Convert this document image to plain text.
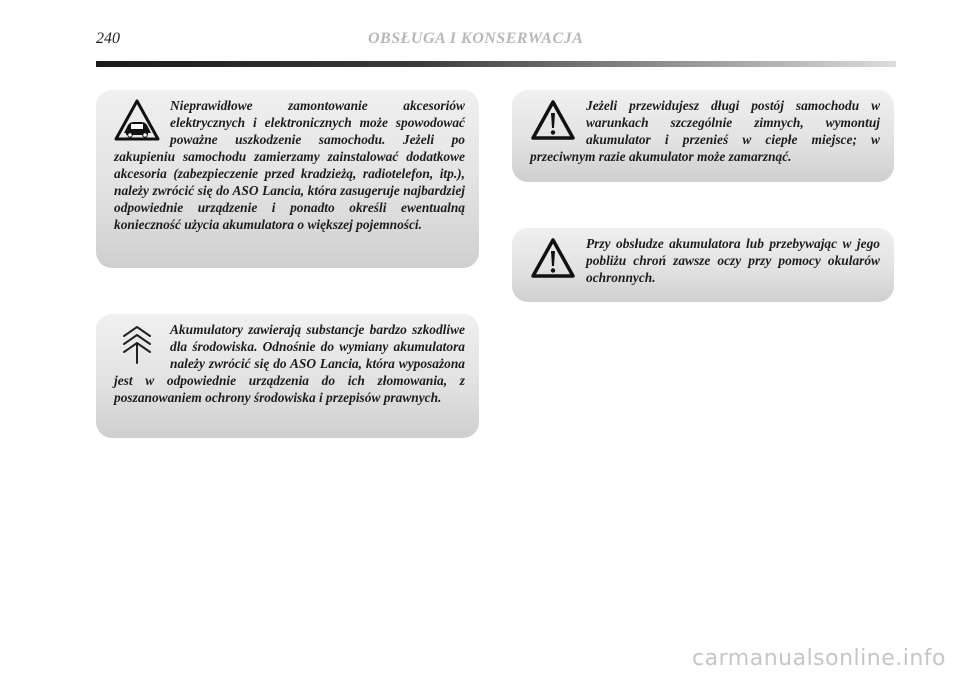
240	OBSŁUGA I KONSERWACJA

Nieprawidłowe zamontowanie akcesoriów elektrycznych i elektronicznych może spowodować poważne uszkodzenie samochodu. Jeżeli po zakupieniu samochodu zamierzamy zainstalować dodatkowe akcesoria (zabezpieczenie przed kradzieżą, radiotelefon, itp.), należy zwrócić się do ASO Lancia, która zasugeruje najbardziej odpowiednie urządzenie i ponadto określi ewentualną konieczność użycia akumulatora o większej pojemności.

Akumulatory zawierają substancje bardzo szkodliwe dla środowiska. Odnośnie do wymiany akumulatora należy zwrócić się do ASO Lancia, która wyposażona jest w odpowiednie urządzenia do ich złomowania, z poszanowaniem ochrony środowiska i przepisów prawnych.

Jeżeli przewidujesz długi postój samochodu w warunkach szczególnie zimnych, wymontuj akumulator i przenieś w ciepłe miejsce; w przeciwnym razie akumulator może zamarznąć.

Przy obsłudze akumulatora lub przebywając w jego pobliżu chroń zawsze oczy przy pomocy okularów ochronnych.

carmanualsonline.info
